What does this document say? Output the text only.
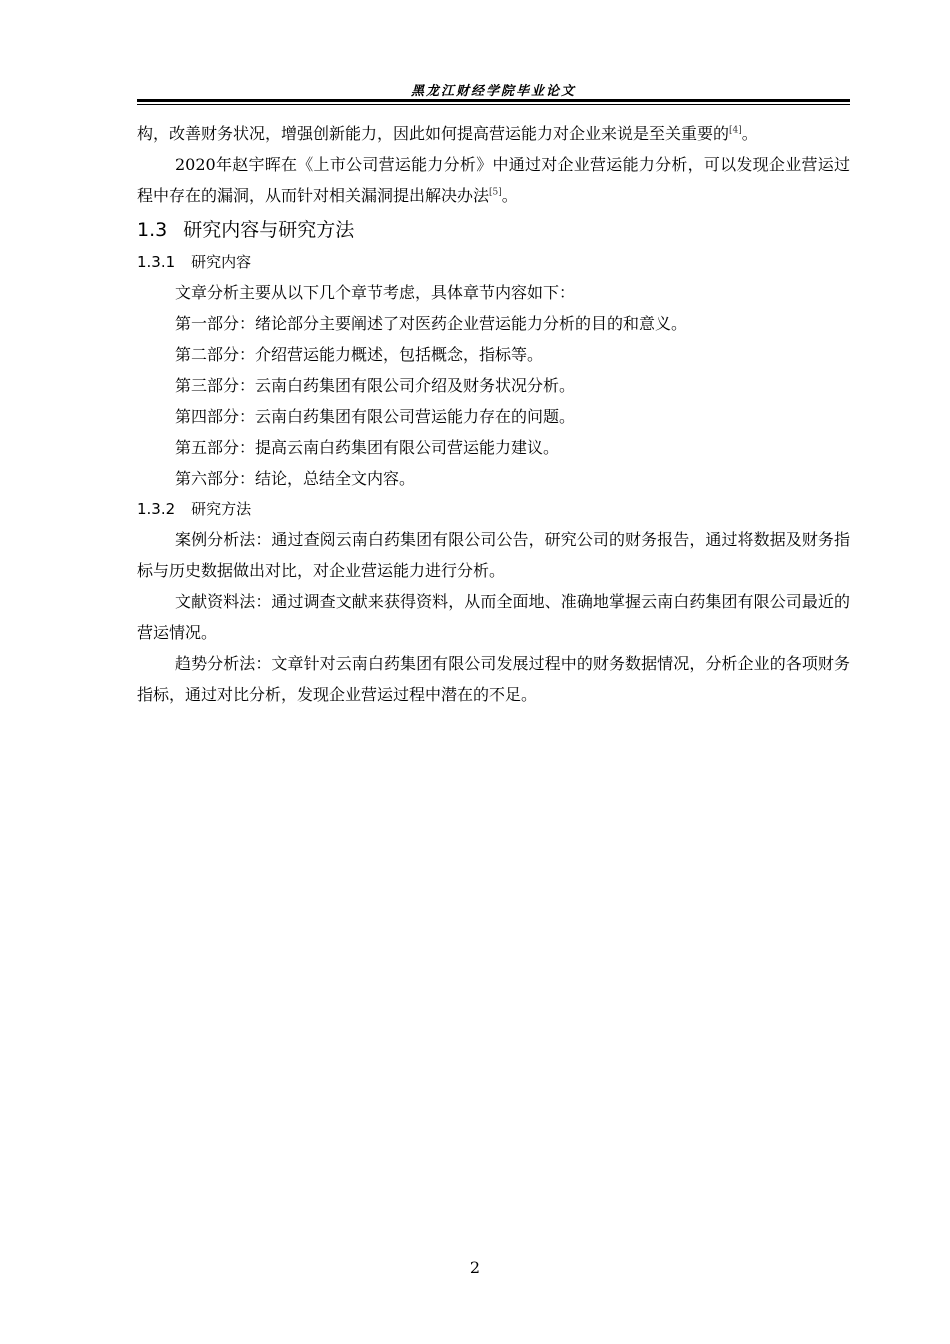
黑龙江财经学院毕业论文

构，改善财务状况，增强创新能力，因此如何提高营运能力对企业来说是至关重要的[4]。

2020年赵宇晖在《上市公司营运能力分析》中通过对企业营运能力分析，可以发现企业营运过程中存在的漏洞，从而针对相关漏洞提出解决办法[5]。

1.3 研究内容与研究方法
1.3.1 研究内容

文章分析主要从以下几个章节考虑，具体章节内容如下：

第一部分：绪论部分主要阐述了对医药企业营运能力分析的目的和意义。

第二部分：介绍营运能力概述，包括概念，指标等。

第三部分：云南白药集团有限公司介绍及财务状况分析。

第四部分：云南白药集团有限公司营运能力存在的问题。

第五部分：提高云南白药集团有限公司营运能力建议。

第六部分：结论，总结全文内容。

1.3.2 研究方法

案例分析法：通过查阅云南白药集团有限公司公告，研究公司的财务报告，通过将数据及财务指标与历史数据做出对比，对企业营运能力进行分析。

文献资料法：通过调查文献来获得资料，从而全面地、准确地掌握云南白药集团有限公司最近的营运情况。

趋势分析法：文章针对云南白药集团有限公司发展过程中的财务数据情况，分析企业的各项财务指标，通过对比分析，发现企业营运过程中潜在的不足。

2
